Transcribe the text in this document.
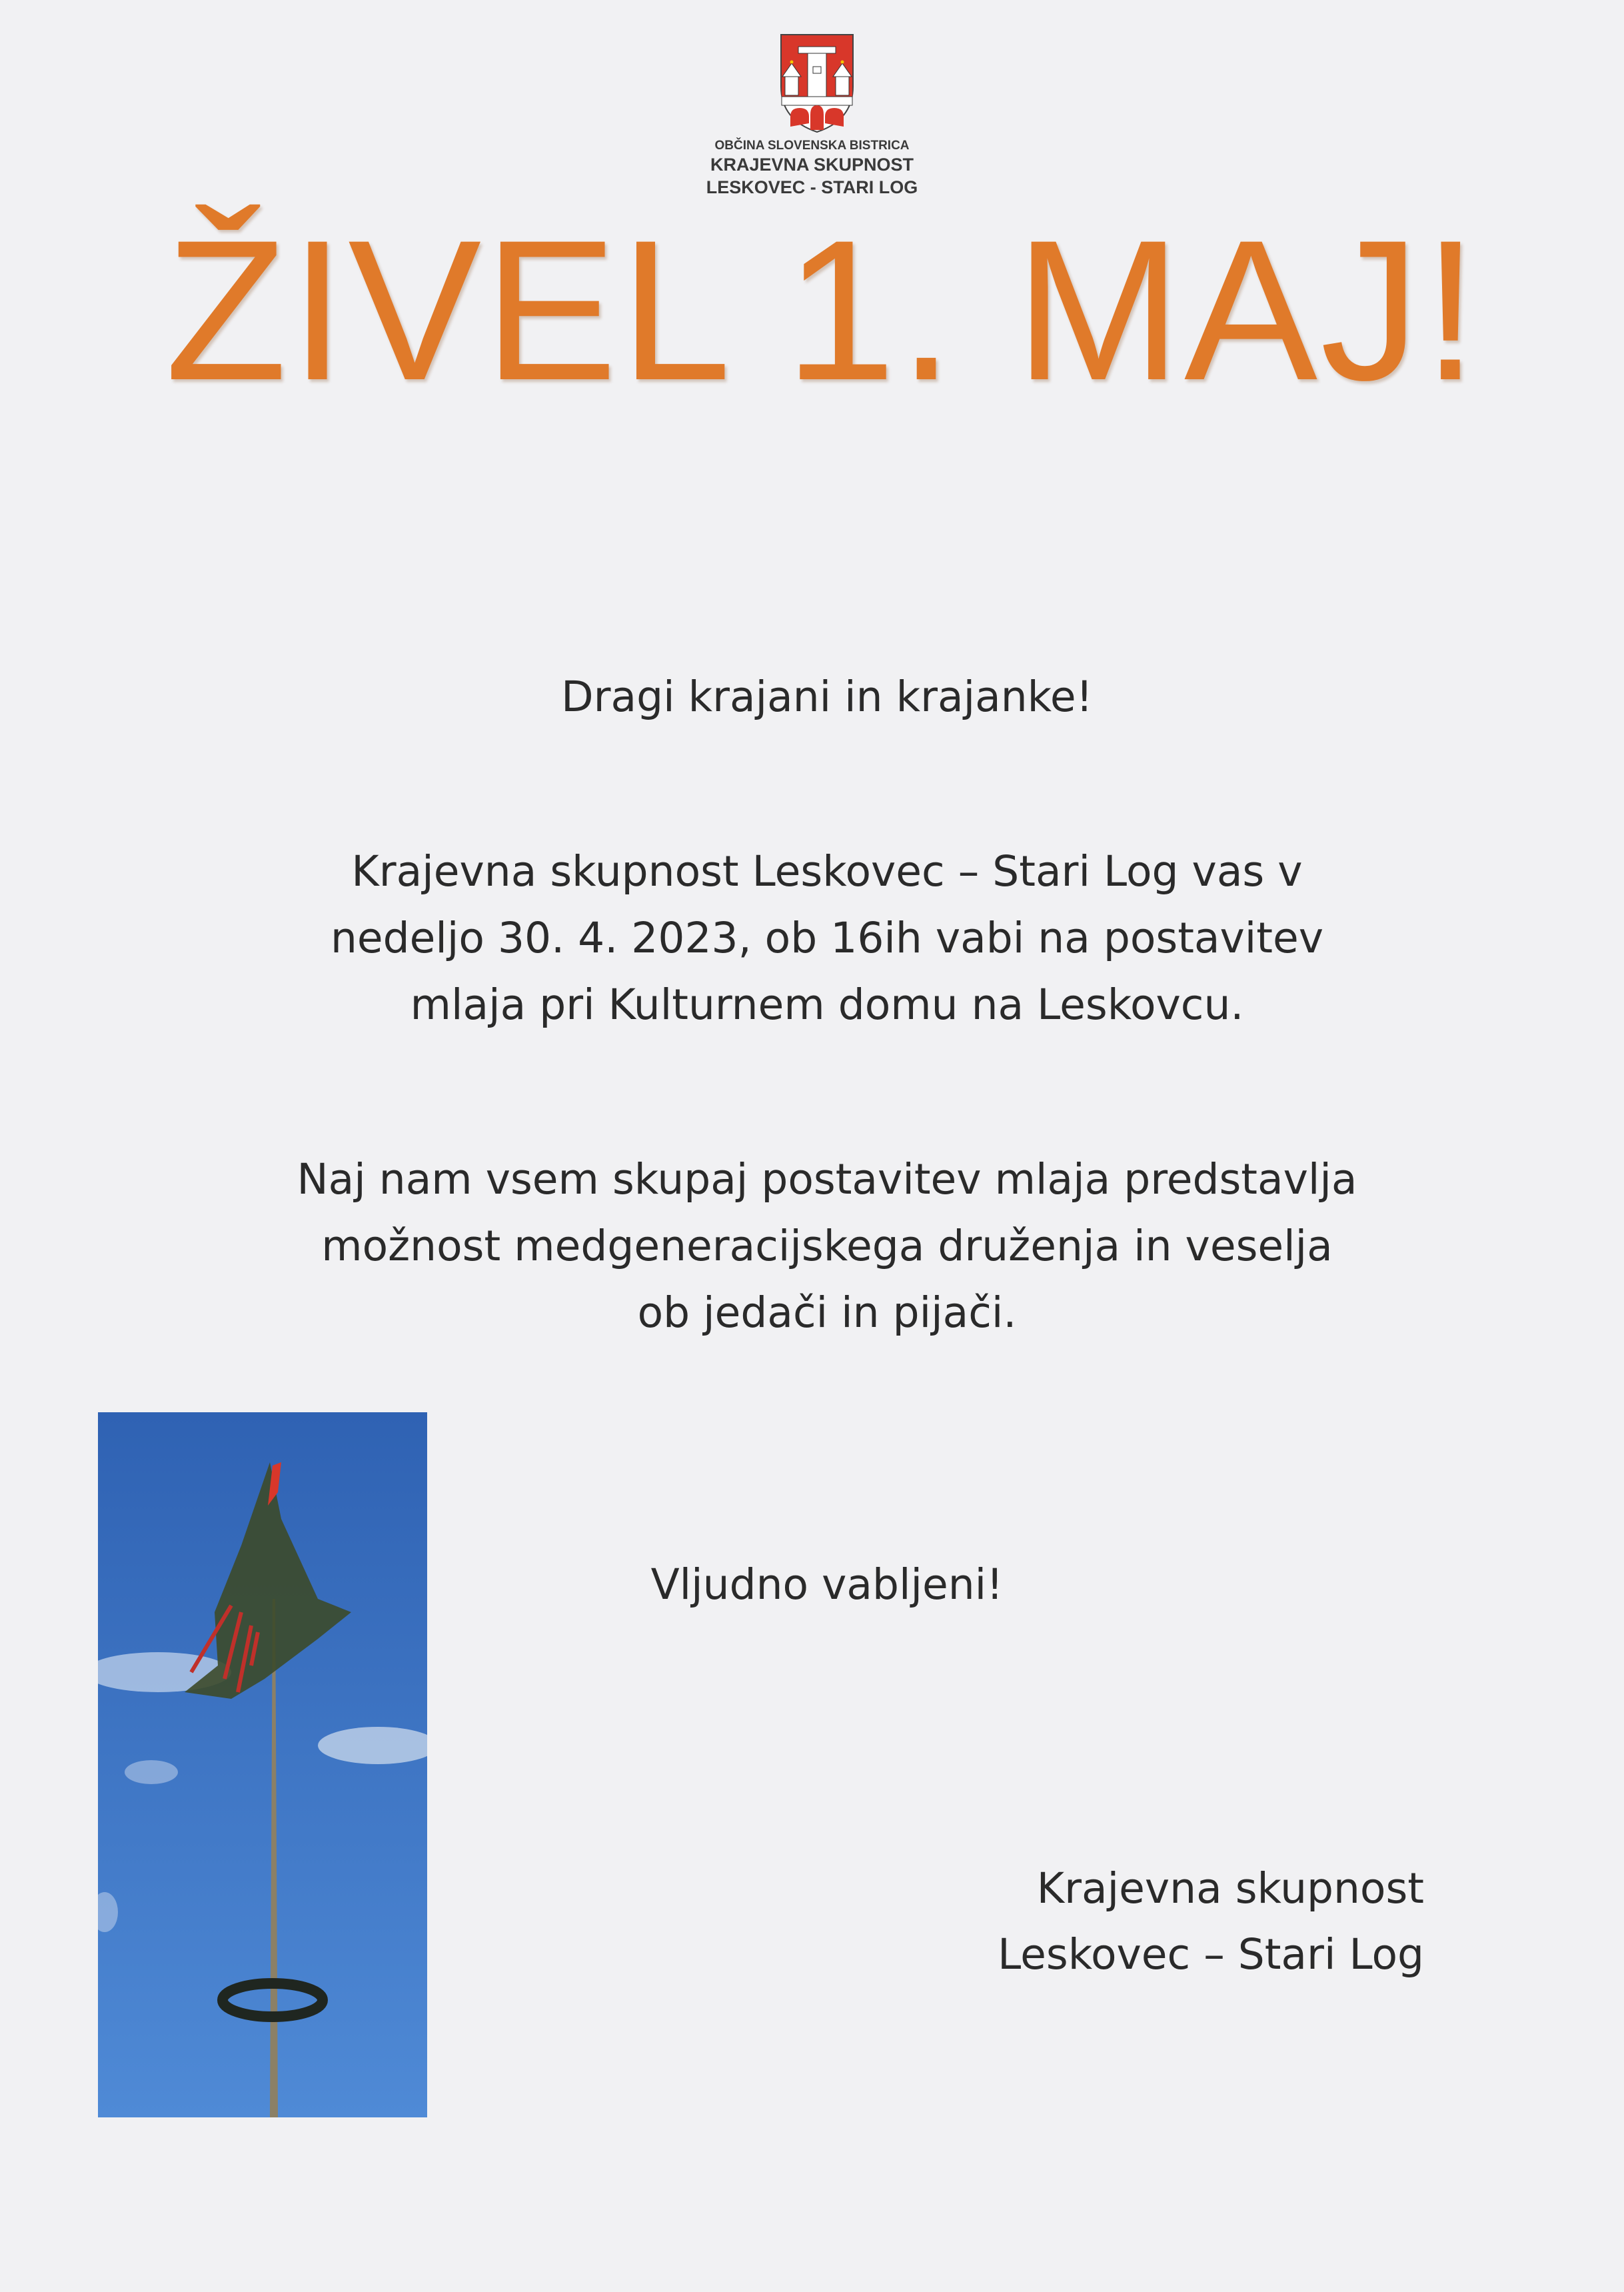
OBČINA SLOVENSKA BISTRICA
KRAJEVNA SKUPNOST
LESKOVEC - STARI LOG
ŽIVEL 1. MAJ!
Dragi krajani in krajanke!
Krajevna skupnost Leskovec – Stari Log vas v
nedeljo 30. 4. 2023, ob 16ih vabi na postavitev
mlaja pri Kulturnem domu na Leskovcu.
Naj nam vsem skupaj postavitev mlaja predstavlja
možnost medgeneracijskega druženja in veselja
ob jedači in pijači.
Vljudno vabljeni!
Krajevna skupnost
Leskovec – Stari Log
